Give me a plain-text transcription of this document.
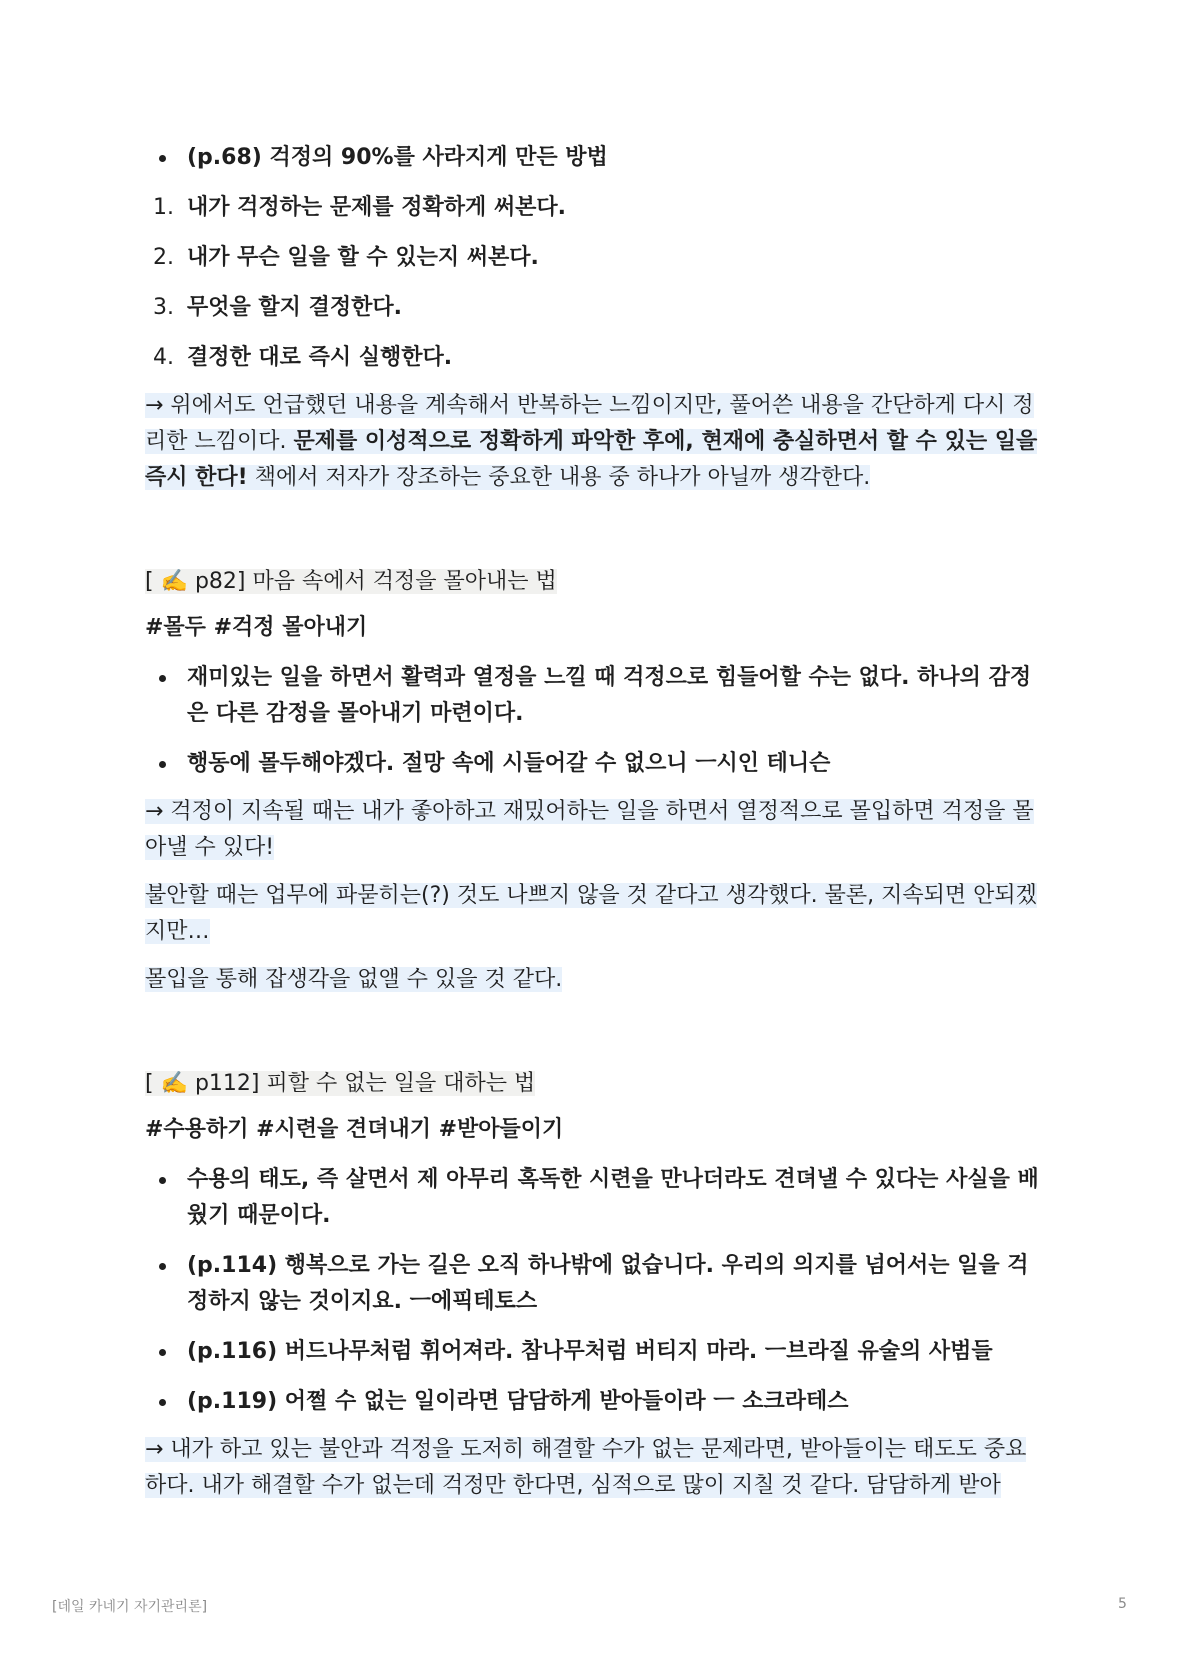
(p.68) 걱정의 90%를 사라지게 만든 방법
1. 내가 걱정하는 문제를 정확하게 써본다.
2. 내가 무슨 일을 할 수 있는지 써본다.
3. 무엇을 할지 결정한다.
4. 결정한 대로 즉시 실행한다.
→ 위에서도 언급했던 내용을 계속해서 반복하는 느낌이지만, 풀어쓴 내용을 간단하게 다시 정리한 느낌이다. 문제를 이성적으로 정확하게 파악한 후에, 현재에 충실하면서 할 수 있는 일을 즉시 한다! 책에서 저자가 장조하는 중요한 내용 중 하나가 아닐까 생각한다.
[ ✍️ p82] 마음 속에서 걱정을 몰아내는 법
#몰두 #걱정 몰아내기
재미있는 일을 하면서 활력과 열정을 느낄 때 걱정으로 힘들어할 수는 없다. 하나의 감정은 다른 감정을 몰아내기 마련이다.
행동에 몰두해야겠다. 절망 속에 시들어갈 수 없으니 ㅡ시인 테니슨
→ 걱정이 지속될 때는 내가 좋아하고 재밌어하는 일을 하면서 열정적으로 몰입하면 걱정을 몰아낼 수 있다!
불안할 때는 업무에 파묻히는(?) 것도 나쁘지 않을 것 같다고 생각했다. 물론, 지속되면 안되겠지만…
몰입을 통해 잡생각을 없앨 수 있을 것 같다.
[ ✍️ p112] 피할 수 없는 일을 대하는 법
#수용하기 #시련을 견뎌내기 #받아들이기
수용의 태도, 즉 살면서 제 아무리 혹독한 시련을 만나더라도 견뎌낼 수 있다는 사실을 배웠기 때문이다.
(p.114) 행복으로 가는 길은 오직 하나밖에 없습니다. 우리의 의지를 넘어서는 일을 걱정하지 않는 것이지요. ㅡ에픽테토스
(p.116) 버드나무처럼 휘어져라. 참나무처럼 버티지 마라. ㅡ브라질 유술의 사범들
(p.119) 어쩔 수 없는 일이라면 담담하게 받아들이라 ㅡ 소크라테스
→ 내가 하고 있는 불안과 걱정을 도저히 해결할 수가 없는 문제라면, 받아들이는 태도도 중요하다. 내가 해결할 수가 없는데 걱정만 한다면, 심적으로 많이 지칠 것 같다. 담담하게 받아
[데일 카네기 자기관리론]	5
